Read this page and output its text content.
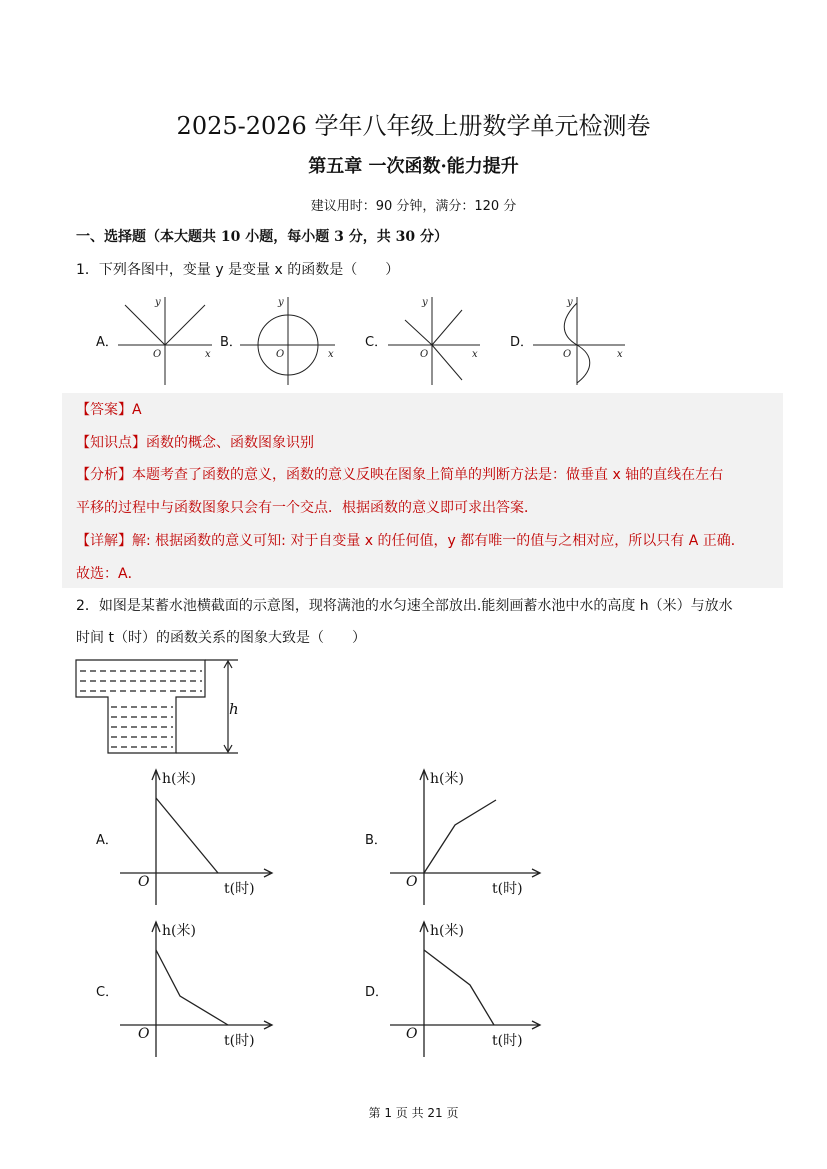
2025-2026 学年八年级上册数学单元检测卷
第五章 一次函数·能力提升
建议用时：90 分钟，满分：120 分
一、选择题（本大题共 10 小题，每小题 3 分，共 30 分）
1．下列各图中，变量 y 是变量 x 的函数是（　　）
A．	B．	C．	D．
y
x
O
y
x
O
y
x
O
y
x
O
【答案】A
【知识点】函数的概念、函数图象识别
【分析】本题考查了函数的意义，函数的意义反映在图象上简单的判断方法是：做垂直 x 轴的直线在左右
平移的过程中与函数图象只会有一个交点．根据函数的意义即可求出答案．
【详解】解: 根据函数的意义可知: 对于自变量 x 的任何值，y 都有唯一的值与之相对应，所以只有 A 正确．
故选：A．
2．如图是某蓄水池横截面的示意图，现将满池的水匀速全部放出.能刻画蓄水池中水的高度 h（米）与放水
时间 t（时）的函数关系的图象大致是（　　）
h
A．	B．
C．	D．
h(米)
t(时)
O
h(米)
t(时)
O
h(米)
t(时)
O
h(米)
t(时)
O
第 1 页 共 21 页
